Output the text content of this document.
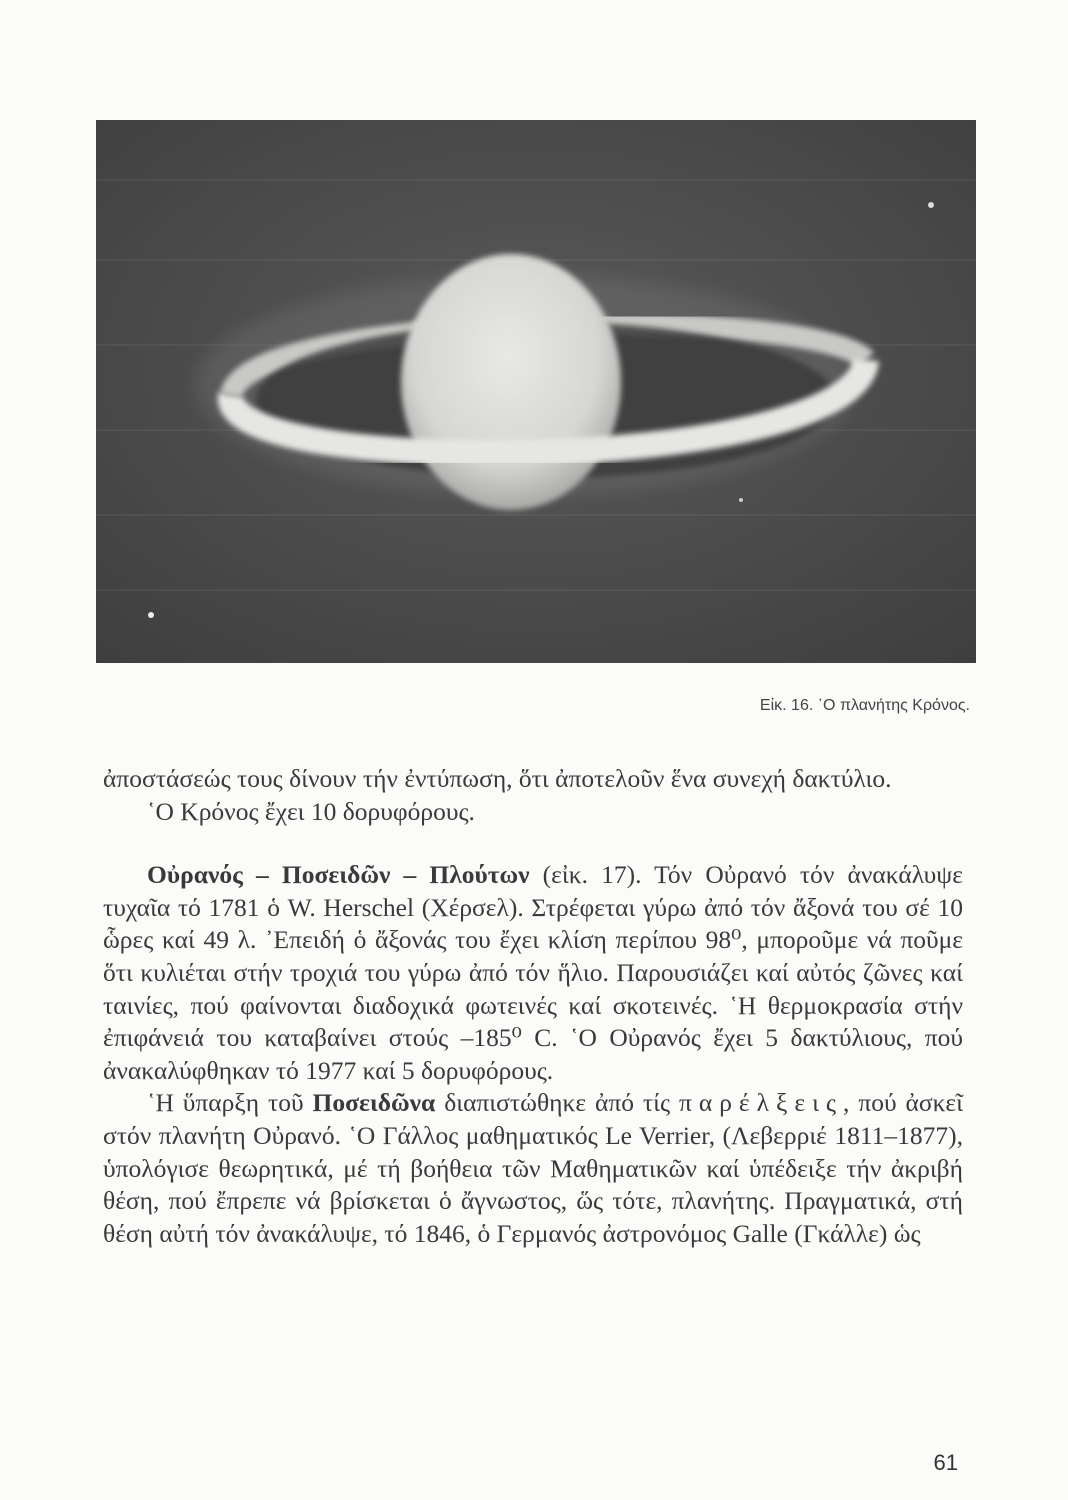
Εἰκ. 16. ῾Ο πλανήτης Κρόνος.

ἀποστάσεώς τους δίνουν τήν ἐντύπωση, ὅτι ἀποτελοῦν ἕνα συνεχή δακτύλιο.

῾Ο Κρόνος ἔχει 10 δορυφόρους.

Οὐρανός – Ποσειδῶν – Πλούτων (εἰκ. 17). Τόν Οὐρανό τόν ἀνακάλυψε τυχαῖα τό 1781 ὁ W. Herschel (Χέρσελ). Στρέφεται γύρω ἀπό τόν ἄξονά του σέ 10 ὧρες καί 49 λ. ᾿Επειδή ὁ ἄξονάς του ἔχει κλίση περίπου 98⁰, μποροῦμε νά ποῦμε ὅτι κυλιέται στήν τροχιά του γύρω ἀπό τόν ἥλιο. Παρουσιάζει καί αὐτός ζῶνες καί ταινίες, πού φαίνονται διαδοχικά φωτεινές καί σκοτεινές. ῾Η θερμοκρασία στήν ἐπιφάνειά του καταβαίνει στούς –185⁰ C. ῾Ο Οὐρανός ἔχει 5 δακτύλιους, πού ἀνακαλύφθηκαν τό 1977 καί 5 δορυφόρους.

῾Η ὕπαρξη τοῦ Ποσειδῶνα διαπιστώθηκε ἀπό τίς παρέλξεις, πού ἀσκεῖ στόν πλανήτη Οὐρανό. ῾Ο Γάλλος μαθηματικός Le Verrier, (Λεβερριέ 1811–1877), ὑπολόγισε θεωρητικά, μέ τή βοήθεια τῶν Μαθηματικῶν καί ὑπέδειξε τήν ἀκριβή θέση, πού ἔπρεπε νά βρίσκεται ὁ ἄγνωστος, ὥς τότε, πλανήτης. Πραγματικά, στή θέση αὐτή τόν ἀνακάλυψε, τό 1846, ὁ Γερμανός ἀστρονόμος Galle (Γκάλλε) ὡς

61
